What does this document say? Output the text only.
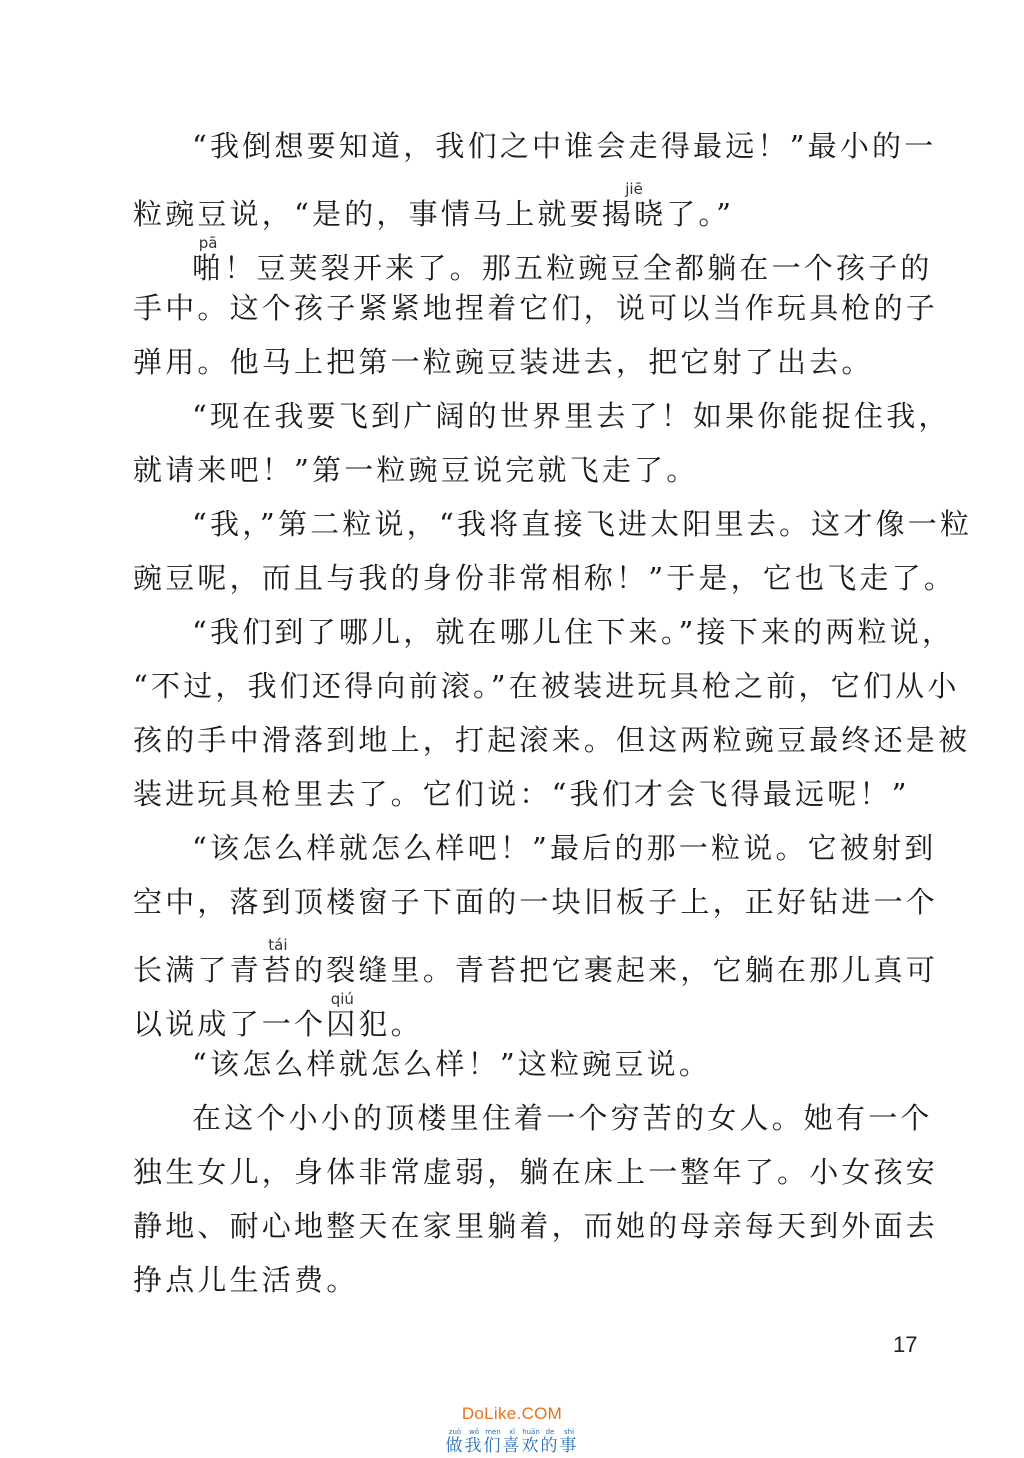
“我倒想要知道，我们之中谁会走得最远！”最小的一
粒豌豆说，“是的，事情马上就要揭晓jiē了。”
啪pā！豆荚裂开来了。那五粒豌豆全都躺在一个孩子的
手中。这个孩子紧紧地捏着它们，说可以当作玩具枪的子
弹用。他马上把第一粒豌豆装进去，把它射了出去。
“现在我要飞到广阔的世界里去了！如果你能捉住我，
就请来吧！”第一粒豌豆说完就飞走了。
“我，”第二粒说，“我将直接飞进太阳里去。这才像一粒
豌豆呢，而且与我的身份非常相称！”于是，它也飞走了。
“我们到了哪儿，就在哪儿住下来。”接下来的两粒说，
“不过，我们还得向前滚。”在被装进玩具枪之前，它们从小
孩的手中滑落到地上，打起滚来。但这两粒豌豆最终还是被
装进玩具枪里去了。它们说：“我们才会飞得最远呢！”
“该怎么样就怎么样吧！”最后的那一粒说。它被射到
空中，落到顶楼窗子下面的一块旧板子上，正好钻进一个
长满了青苔tái的裂缝里。青苔把它裹起来，它躺在那儿真可
以说成了一个囚qiú犯。
“该怎么样就怎么样！”这粒豌豆说。
在这个小小的顶楼里住着一个穷苦的女人。她有一个
独生女儿，身体非常虚弱，躺在床上一整年了。小女孩安
静地、耐心地整天在家里躺着，而她的母亲每天到外面去
挣点儿生活费。
17
DoLike.COM
做zuò我wǒ们men喜xǐ欢huān的de事shì
